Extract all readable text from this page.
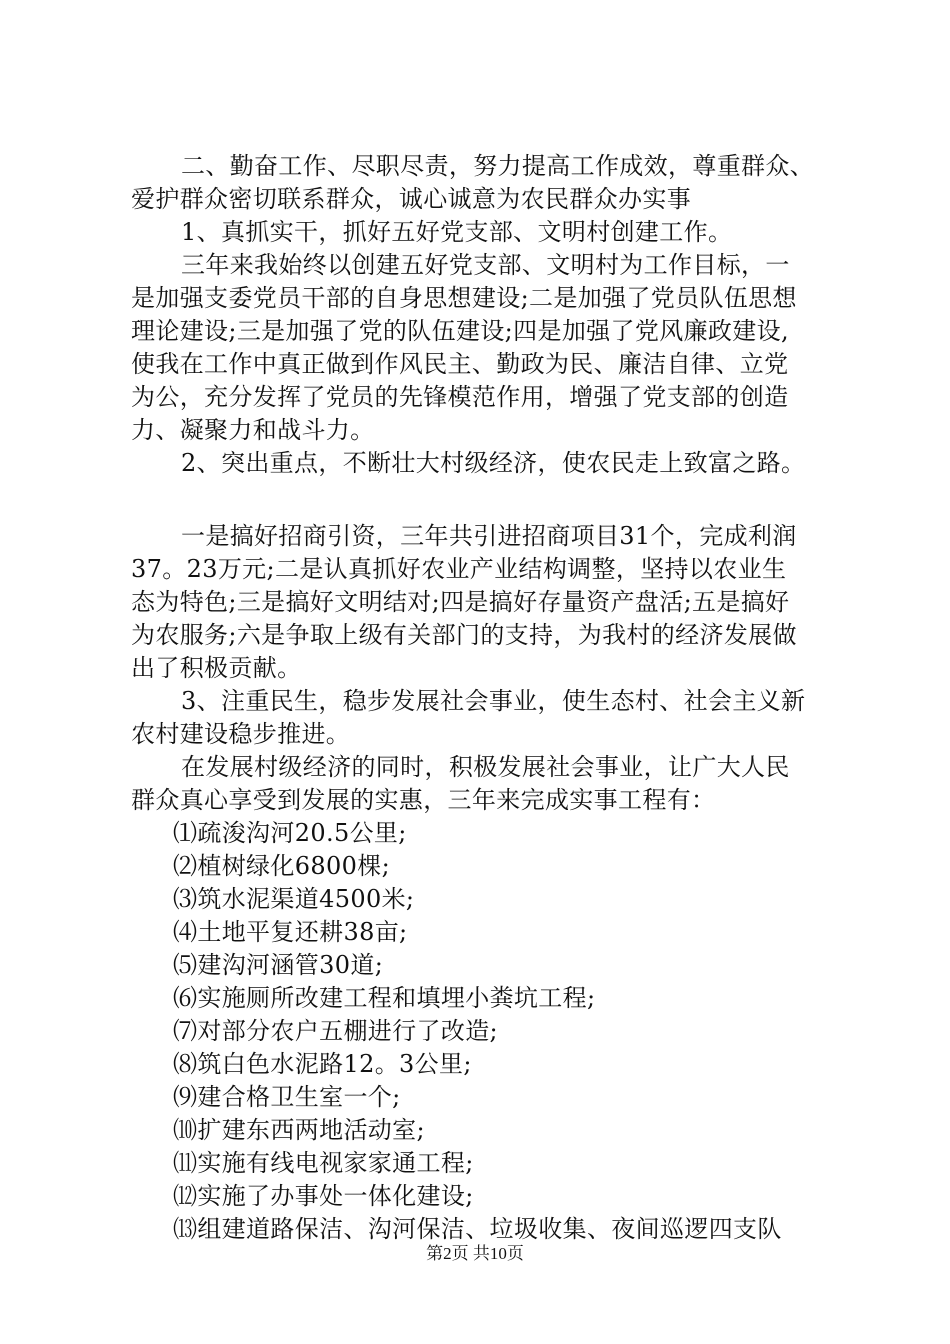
二、勤奋工作、尽职尽责，努力提高工作成效，尊重群众、
爱护群众密切联系群众，诚心诚意为农民群众办实事
1、真抓实干，抓好五好党支部、文明村创建工作。
三年来我始终以创建五好党支部、文明村为工作目标，一
是加强支委党员干部的自身思想建设;二是加强了党员队伍思想
理论建设;三是加强了党的队伍建设;四是加强了党风廉政建设,
使我在工作中真正做到作风民主、勤政为民、廉洁自律、立党
为公，充分发挥了党员的先锋模范作用，增强了党支部的创造
力、凝聚力和战斗力。
2、突出重点，不断壮大村级经济，使农民走上致富之路。
一是搞好招商引资，三年共引进招商项目31个，完成利润
37。23万元;二是认真抓好农业产业结构调整，坚持以农业生
态为特色;三是搞好文明结对;四是搞好存量资产盘活;五是搞好
为农服务;六是争取上级有关部门的支持，为我村的经济发展做
出了积极贡献。
3、注重民生，稳步发展社会事业，使生态村、社会主义新
农村建设稳步推进。
在发展村级经济的同时，积极发展社会事业，让广大人民
群众真心享受到发展的实惠，三年来完成实事工程有：
⑴疏浚沟河20.5公里;
⑵植树绿化6800棵;
⑶筑水泥渠道4500米;
⑷土地平复还耕38亩;
⑸建沟河涵管30道;
⑹实施厕所改建工程和填埋小粪坑工程;
⑺对部分农户五棚进行了改造;
⑻筑白色水泥路12。3公里;
⑼建合格卫生室一个;
⑽扩建东西两地活动室;
⑾实施有线电视家家通工程;
⑿实施了办事处一体化建设;
⒀组建道路保洁、沟河保洁、垃圾收集、夜间巡逻四支队
第2页 共10页
